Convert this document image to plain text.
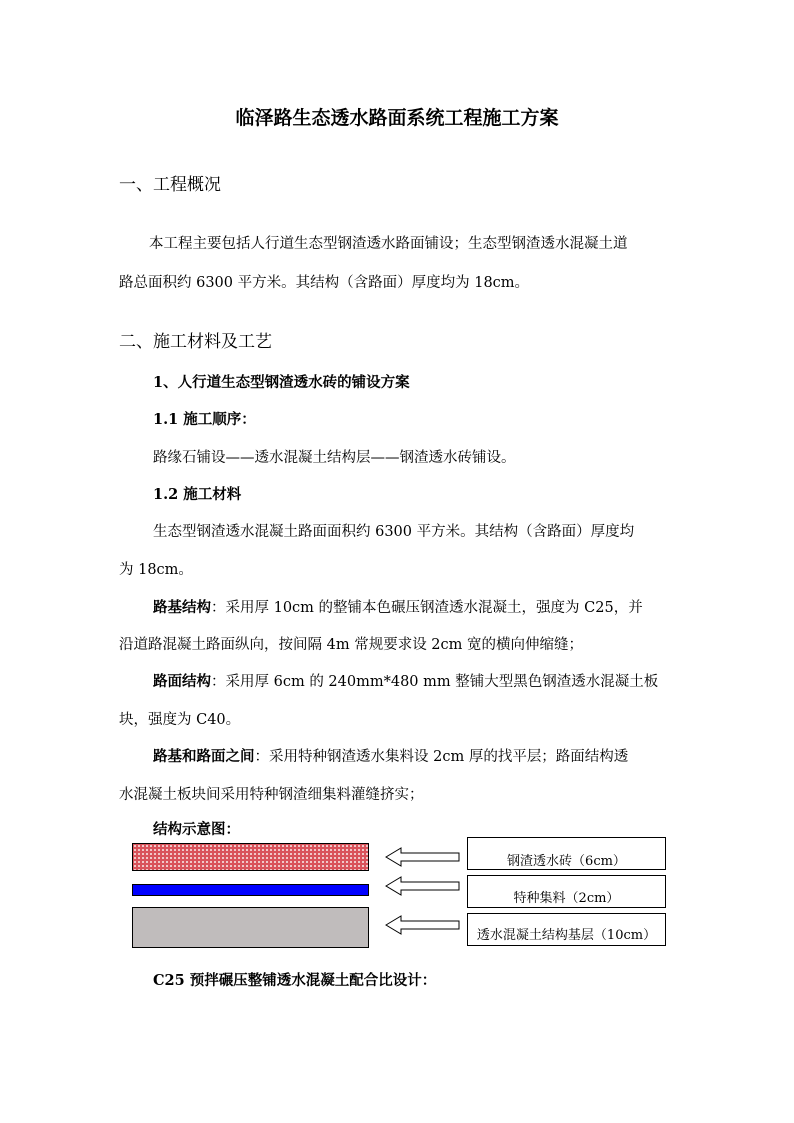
临泽路生态透水路面系统工程施工方案
一、工程概况
本工程主要包括人行道生态型钢渣透水路面铺设；生态型钢渣透水混凝土道
路总面积约 6300 平方米。其结构（含路面）厚度均为 18cm。
二、施工材料及工艺
1、人行道生态型钢渣透水砖的铺设方案
1.1 施工顺序：
路缘石铺设——透水混凝土结构层——钢渣透水砖铺设。
1.2 施工材料
生态型钢渣透水混凝土路面面积约 6300 平方米。其结构（含路面）厚度均
为 18cm。
路基结构：采用厚 10cm 的整铺本色碾压钢渣透水混凝土，强度为 C25，并
沿道路混凝土路面纵向，按间隔 4m 常规要求设 2cm 宽的横向伸缩缝；
路面结构：采用厚 6cm 的 240mm*480 mm 整铺大型黑色钢渣透水混凝土板
块，强度为 C40。
路基和路面之间：采用特种钢渣透水集料设 2cm 厚的找平层；路面结构透
水混凝土板块间采用特种钢渣细集料灌缝挤实；
结构示意图：
钢渣透水砖（6cm）
特种集料（2cm）
透水混凝土结构基层（10cm）
C25 预拌碾压整铺透水混凝土配合比设计：
